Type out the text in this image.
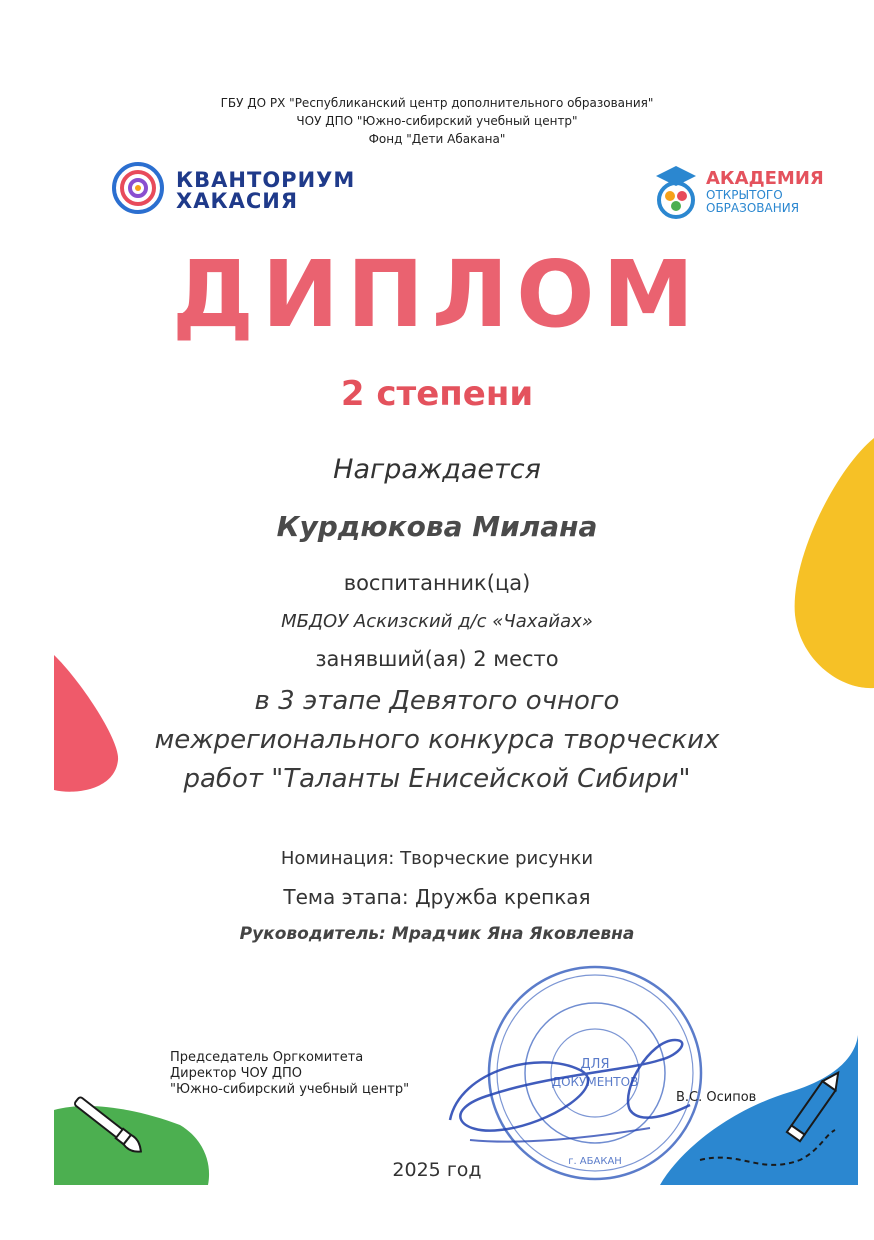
ГБУ ДО РХ "Республиканский центр дополнительного образования"
ЧОУ ДПО "Южно-сибирский учебный центр"
Фонд "Дети Абакана"
КВАНТОРИУМ
ХАКАСИЯ
АКАДЕМИЯ
ОТКРЫТОГО
ОБРАЗОВАНИЯ
ДИПЛОМ
2 степени
Награждается
Курдюкова Милана
воспитанник(ца)
МБДОУ Аскизский д/с «Чахайах»
занявший(ая) 2 место
в 3 этапе Девятого очного
межрегионального конкурса творческих
работ "Таланты Енисейской Сибири"
Номинация: Творческие рисунки
Тема этапа: Дружба крепкая
Руководитель: Мрадчик Яна Яковлевна
ДЛЯ
ДОКУМЕНТОВ
г. АБАКАН
Председатель Оргкомитета
Директор ЧОУ ДПО
"Южно-сибирский учебный центр"
В.С. Осипов
2025 год
